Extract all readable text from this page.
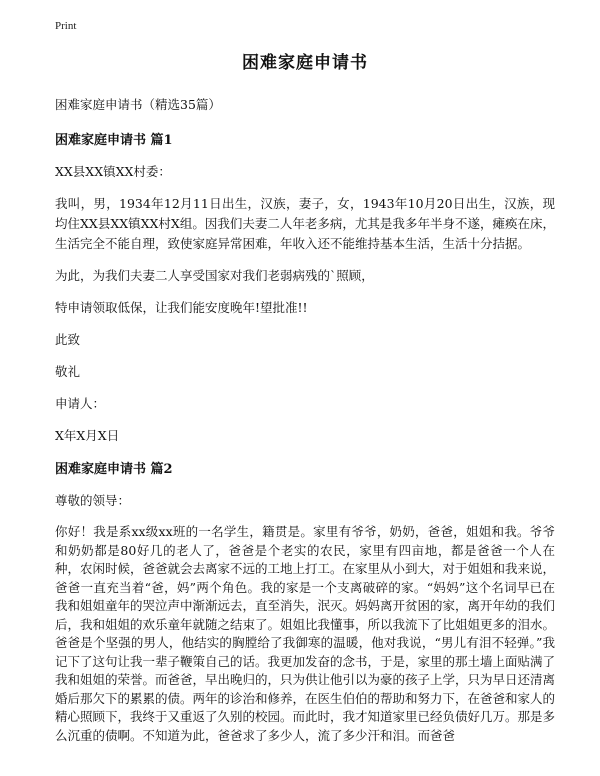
Print
困难家庭申请书
困难家庭申请书（精选35篇）
困难家庭申请书 篇1
XX县XX镇XX村委：
我叫，男，1934年12月11日出生，汉族，妻子，女，1943年10月20日出生，汉族，现均住XX县XX镇XX村X组。因我们夫妻二人年老多病，尤其是我多年半身不遂，瘫痪在床，生活完全不能自理，致使家庭异常困难，年收入还不能维持基本生活，生活十分拮据。
为此，为我们夫妻二人享受国家对我们老弱病残的`照顾，
特申请领取低保，让我们能安度晚年!望批准!!
此致
敬礼
申请人：
X年X月X日
困难家庭申请书 篇2
尊敬的领导：
你好！我是系xx级xx班的一名学生，籍贯是。家里有爷爷，奶奶，爸爸，姐姐和我。爷爷和奶奶都是80好几的老人了，爸爸是个老实的农民，家里有四亩地，都是爸爸一个人在种，农闲时候，爸爸就会去离家不远的工地上打工。在家里从小到大，对于姐姐和我来说，爸爸一直充当着“爸，妈”两个角色。我的家是一个支离破碎的家。“妈妈”这个名词早已在我和姐姐童年的哭泣声中渐渐远去，直至消失，泯灭。妈妈离开贫困的家，离开年幼的我们后，我和姐姐的欢乐童年就随之结束了。姐姐比我懂事，所以我流下了比姐姐更多的泪水。爸爸是个坚强的男人，他结实的胸膛给了我御寒的温暖，他对我说，“男儿有泪不轻弹。”我记下了这句让我一辈子鞭策自己的话。我更加发奋的念书，于是，家里的那土墙上面贴满了我和姐姐的荣誉。而爸爸，早出晚归的，只为供让他引以为豪的孩子上学，只为早日还清离婚后那欠下的累累的债。两年的诊治和修养，在医生伯伯的帮助和努力下，在爸爸和家人的精心照顾下，我终于又重返了久别的校园。而此时，我才知道家里已经负债好几万。那是多么沉重的债啊。不知道为此，爸爸求了多少人，流了多少汗和泪。而爸爸
